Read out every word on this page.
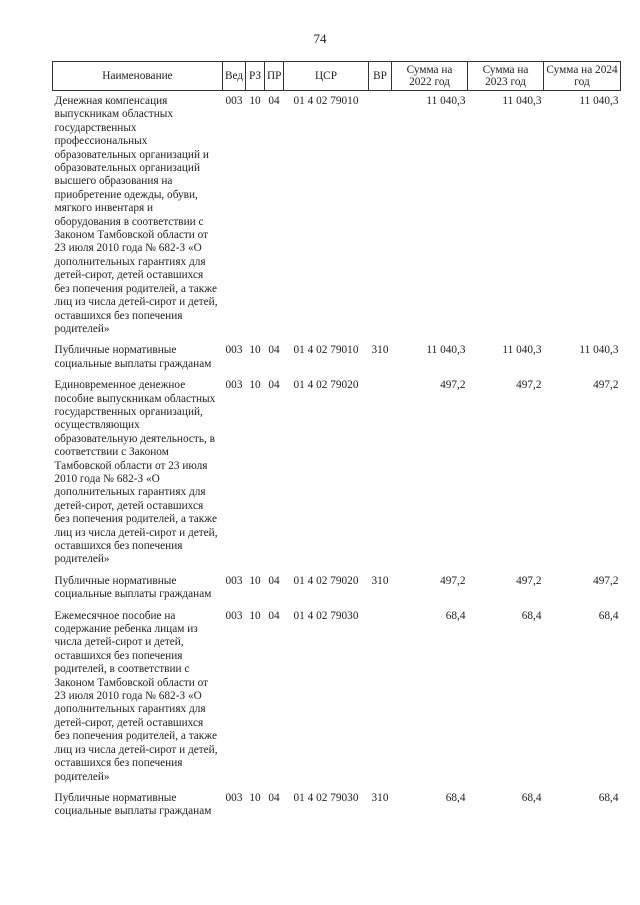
74
Наименование	Вед	РЗ	ПР	ЦСР	ВР	Сумма на 2022 год	Сумма на 2023 год	Сумма на 2024 год
Денежная компенсация выпускникам областных государственных профессиональных образовательных организаций и образовательных организаций высшего образования на приобретение одежды, обуви, мягкого инвентаря и оборудования в соответствии с Законом Тамбовской области от 23 июля 2010 года № 682-З «О дополнительных гарантиях для детей-сирот, детей оставшихся без попечения родителей, а также лиц из числа детей-сирот и детей, оставшихся без попечения родителей»	003	10	04	01 4 02 79010		11 040,3	11 040,3	11 040,3
Публичные нормативные социальные выплаты гражданам	003	10	04	01 4 02 79010	310	11 040,3	11 040,3	11 040,3
Единовременное денежное пособие выпускникам областных государственных организаций, осуществляющих образовательную деятельность, в соответствии с Законом Тамбовской области от 23 июля 2010 года № 682-З «О дополнительных гарантиях для детей-сирот, детей оставшихся без попечения родителей, а также лиц из числа детей-сирот и детей, оставшихся без попечения родителей»	003	10	04	01 4 02 79020		497,2	497,2	497,2
Публичные нормативные социальные выплаты гражданам	003	10	04	01 4 02 79020	310	497,2	497,2	497,2
Ежемесячное пособие на содержание ребенка лицам из числа детей-сирот и детей, оставшихся без попечения родителей, в соответствии с Законом Тамбовской области от 23 июля 2010 года № 682-З «О дополнительных гарантиях для детей-сирот, детей оставшихся без попечения родителей, а также лиц из числа детей-сирот и детей, оставшихся без попечения родителей»	003	10	04	01 4 02 79030		68,4	68,4	68,4
Публичные нормативные социальные выплаты гражданам	003	10	04	01 4 02 79030	310	68,4	68,4	68,4
